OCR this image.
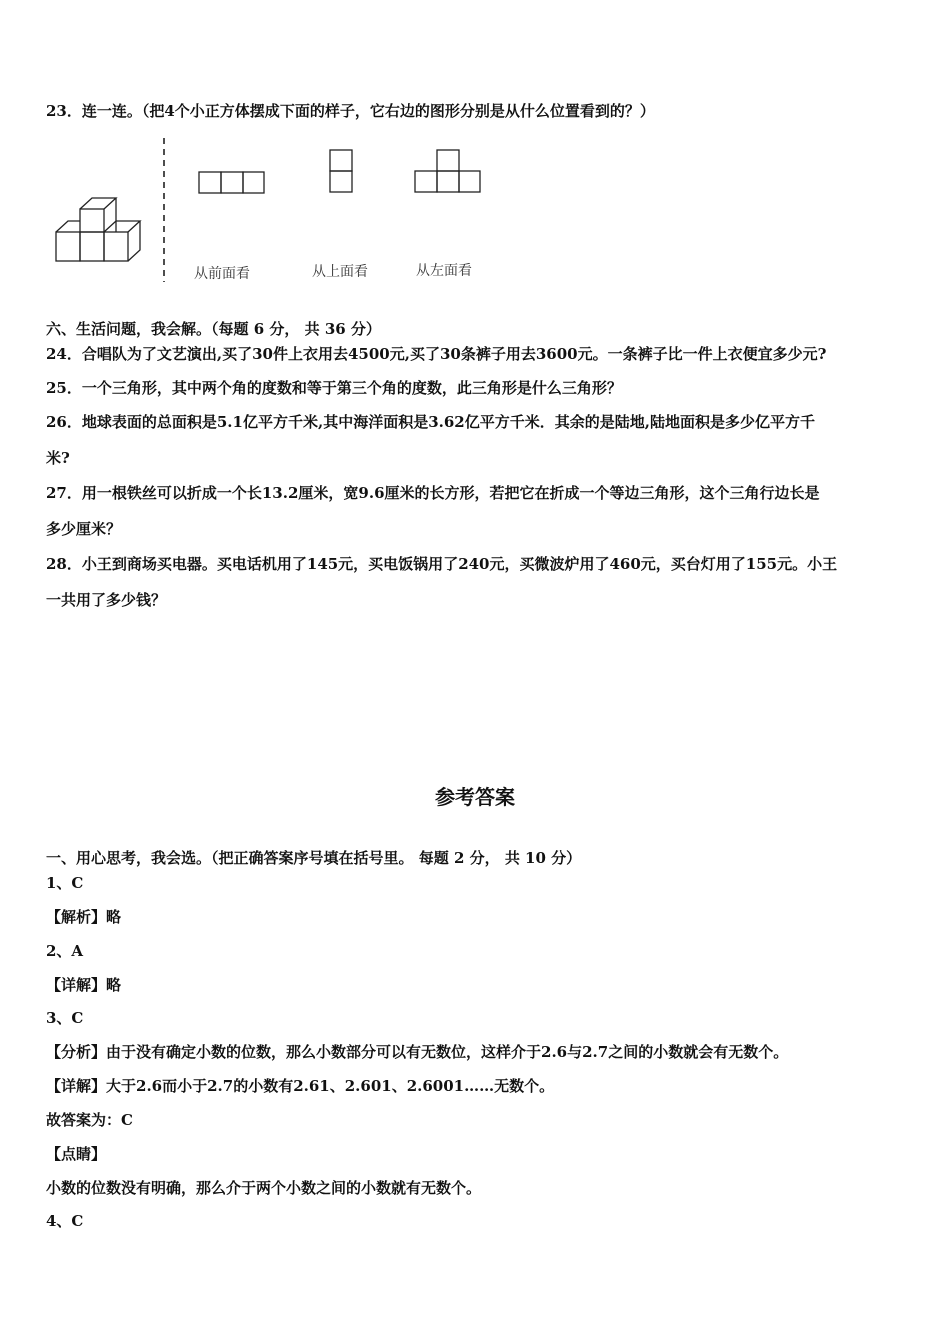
23．连一连。（把4个小正方体摆成下面的样子，它右边的图形分别是从什么位置看到的？）

从前面看	从上面看	从左面看

六、生活问题，我会解。（每题 6 分， 共 36 分）

24．合唱队为了文艺演出,买了30件上衣用去4500元,买了30条裤子用去3600元。一条裤子比一件上衣便宜多少元?

25．一个三角形，其中两个角的度数和等于第三个角的度数，此三角形是什么三角形？

26．地球表面的总面积是5.1亿平方千米,其中海洋面积是3.62亿平方千米．其余的是陆地,陆地面积是多少亿平方千

米?

27．用一根铁丝可以折成一个长13.2厘米，宽9.6厘米的长方形，若把它在折成一个等边三角形，这个三角行边长是

多少厘米？

28．小王到商场买电器。买电话机用了145元，买电饭锅用了240元，买微波炉用了460元，买台灯用了155元。小王

一共用了多少钱？

参考答案

一、用心思考，我会选。（把正确答案序号填在括号里。 每题 2 分， 共 10 分）

1、C

【解析】略

2、A

【详解】略

3、C

【分析】由于没有确定小数的位数，那么小数部分可以有无数位，这样介于2.6与2.7之间的小数就会有无数个。

【详解】大于2.6而小于2.7的小数有2.61、2.601、2.6001……无数个。

故答案为：C

【点睛】

小数的位数没有明确，那么介于两个小数之间的小数就有无数个。

4、C
